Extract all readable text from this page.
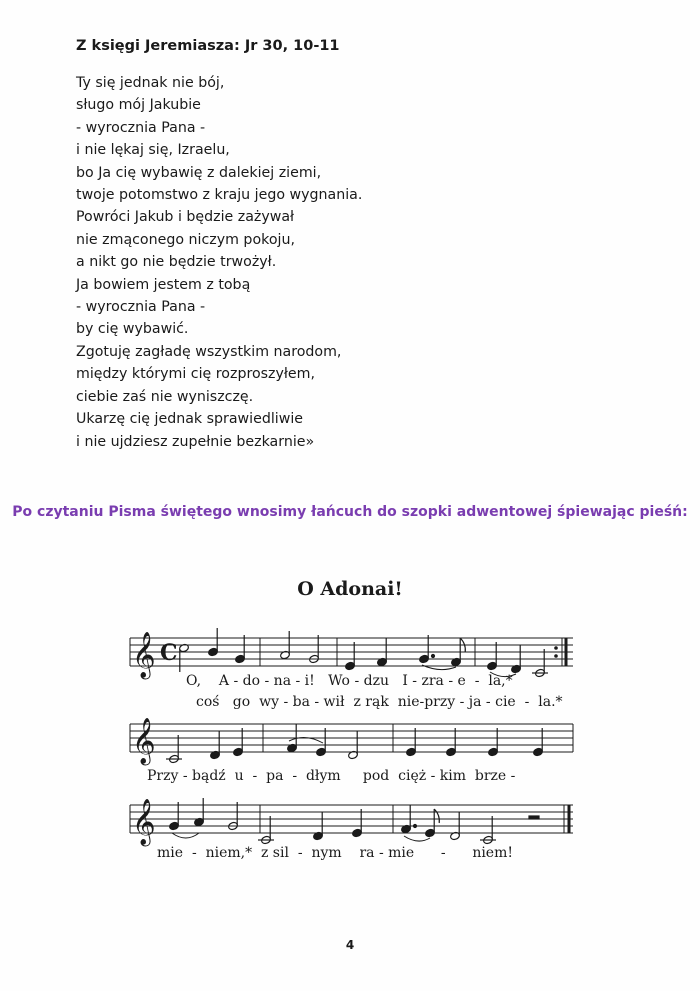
Z księgi Jeremiasza: Jr 30, 10-11
Ty się jednak nie bój,
sługo mój Jakubie
- wyrocznia Pana -
i nie lękaj się, Izraelu,
bo Ja cię wybawię z dalekiej ziemi,
twoje potomstwo z kraju jego wygnania.
Powróci Jakub i będzie zażywał
nie zmąconego niczym pokoju,
a nikt go nie będzie trwożył.
Ja bowiem jestem z tobą
- wyrocznia Pana -
by cię wybawić.
Zgotuję zagładę wszystkim narodom,
między którymi cię rozproszyłem,
ciebie zaś nie wyniszczę.
Ukarzę cię jednak sprawiedliwie
i nie ujdziesz zupełnie bezkarnie»
Po czytaniu Pisma świętego wnosimy łańcuch do szopki adwentowej śpiewając pieśń:
O Adonai!
𝄞
𝄞
𝄞
C
O,    A - do - na - i!   Wo - dzu   I - zra - e  -  la,*
coś   go  wy - ba - wił  z rąk  nie-przy - ja - cie  -  la.*
Przy - bądź  u  -  pa  -  dłym     pod  cięż - kim  brze -
mie  -  niem,*  z sil  -  nym    ra - mie      -      niem!
4
